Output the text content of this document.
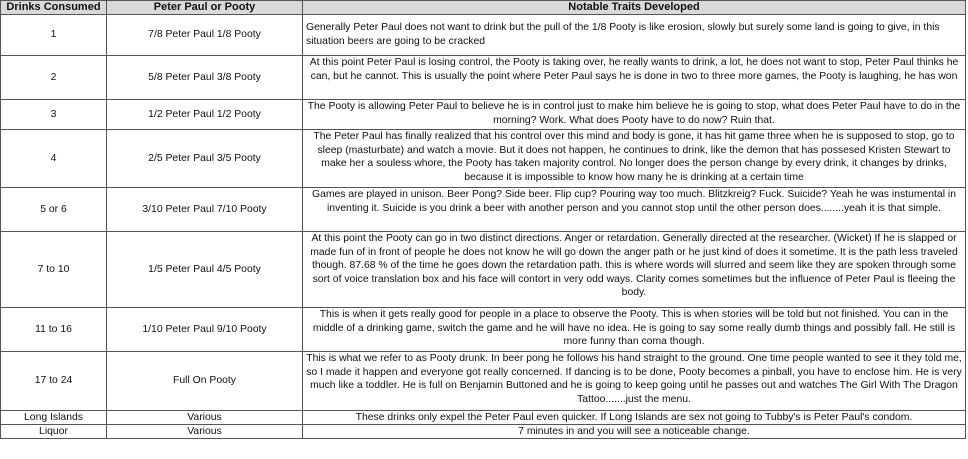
Drinks Consumed	Peter Paul or Pooty	Notable Traits Developed
1	7/8 Peter Paul 1/8 Pooty	Generally Peter Paul does not want to drink but the pull of the 1/8 Pooty is like erosion, slowly but surely some land is going to give, in this situation beers are going to be cracked
2	5/8 Peter Paul 3/8 Pooty	At this point Peter Paul is losing control, the Pooty is taking over, he really wants to drink, a lot, he does not want to stop, Peter Paul thinks he can, but he cannot. This is usually the point where Peter Paul says he is done in two to three more games, the Pooty is laughing, he has won
3	1/2 Peter Paul 1/2 Pooty	The Pooty is allowing Peter Paul to believe he is in control just to make him believe he is going to stop, what does Peter Paul have to do in the morning? Work. What does Pooty have to do now? Ruin that.
4	2/5 Peter Paul 3/5 Pooty	The Peter Paul has finally realized that his control over this mind and body is gone, it has hit game three when he is supposed to stop, go to sleep (masturbate) and watch a movie. But it does not happen, he continues to drink, like the demon that has possesed Kristen Stewart to make her a souless whore, the Pooty has taken majority control. No longer does the person change by every drink, it changes by drinks, because it is impossible to know how many he is drinking at a certain time
5 or 6	3/10 Peter Paul 7/10 Pooty	Games are played in unison. Beer Pong? Side beer. Flip cup? Pouring way too much. Blitzkreig? Fuck. Suicide? Yeah he was instumental in inventing it. Suicide is you drink a beer with another person and you cannot stop until the other person does........yeah it is that simple.
7 to 10	1/5 Peter Paul 4/5 Pooty	At this point the Pooty can go in two distinct directions. Anger or retardation. Generally directed at the researcher. (Wicket) If he is slapped or made fun of in front of people he does not know he will go down the anger path or he just kind of does it sometime. It is the path less traveled though. 87.68 % of the time he goes down the retardation path. this is where words will slurred and seem like they are spoken through some sort of voice translation box and his face will contort in very odd ways. Clarity comes sometimes but the influence of Peter Paul is fleeing the body.
11 to 16	1/10 Peter Paul 9/10 Pooty	This is when it gets really good for people in a place to observe the Pooty. This is when stories will be told but not finished. You can in the middle of a drinking game, switch the game and he will have no idea. He is going to say some really dumb things and possibly fall. He still is more funny than coma though.
17 to 24	Full On Pooty	This is what we refer to as Pooty drunk. In beer pong he follows his hand straight to the ground. One time people wanted to see it they told me, so I made it happen and everyone got really concerned. If dancing is to be done, Pooty becomes a pinball, you have to enclose him. He is very much like a toddler. He is full on Benjamin Buttoned and he is going to keep going until he passes out and watches The Girl With The Dragon Tattoo.......just the menu.
Long Islands	Various	These drinks only expel the Peter Paul even quicker. If Long Islands are sex not going to Tubby's is Peter Paul's condom.
Liquor	Various	7 minutes in and you will see a noticeable change.
